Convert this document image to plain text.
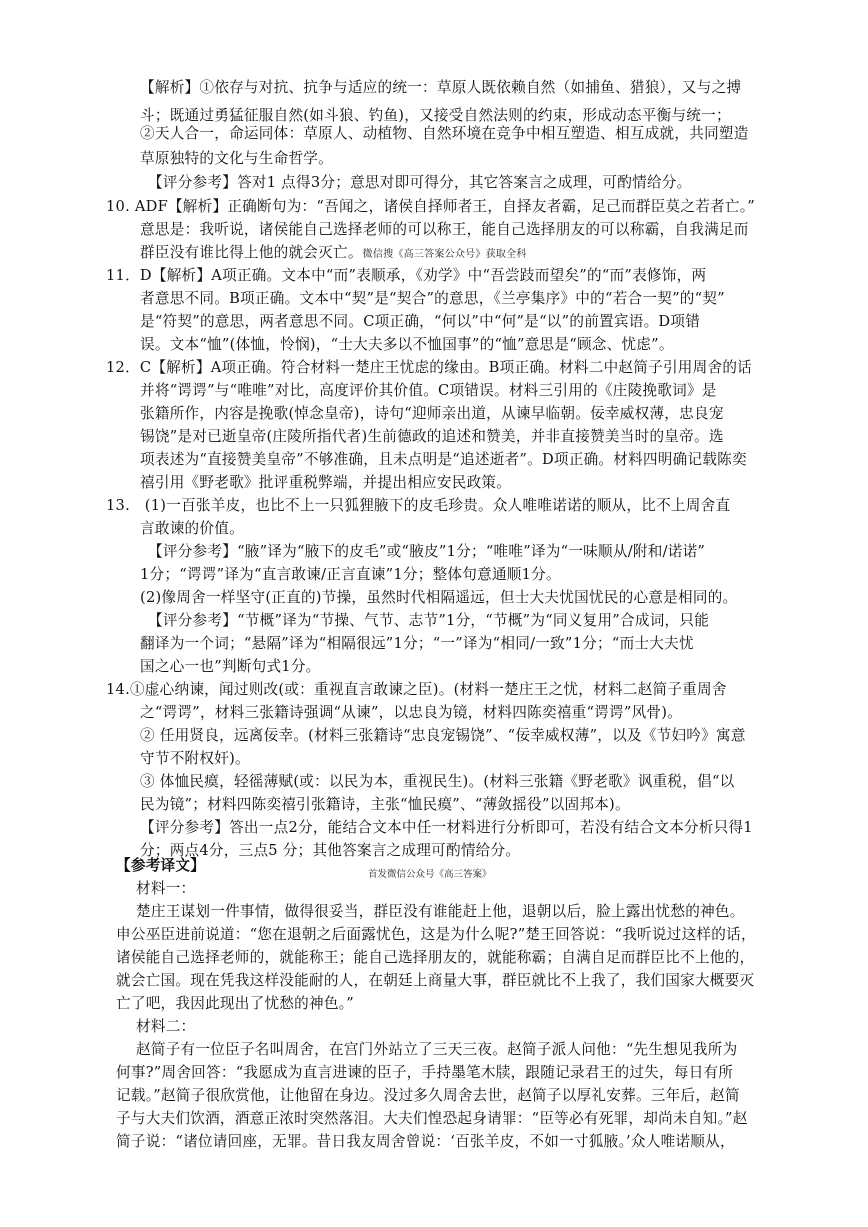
【解析】①依存与对抗、抗争与适应的统一：草原人既依赖自然（如捕鱼、猎狼），又与之搏
斗；既通过勇猛征服自然(如斗狼、钓鱼)，又接受自然法则的约束，形成动态平衡与统一；
②天人合一，命运同体：草原人、动植物、自然环境在竞争中相互塑造、相互成就，共同塑造
草原独特的文化与生命哲学。
【评分参考】答对1 点得3分；意思对即可得分，其它答案言之成理，可酌情给分。
10. ADF【解析】正确断句为：“吾闻之，诸侯自择师者王，自择友者霸，足己而群臣莫之若者亡。”
意思是：我听说，诸侯能自己选择老师的可以称王，能自己选择朋友的可以称霸，自我满足而
群臣没有谁比得上他的就会灭亡。微信搜《高三答案公众号》获取全科
11．D【解析】A项正确。文本中“而”表顺承，《劝学》中“吾尝跂而望矣”的“而”表修饰，两
者意思不同。B项正确。文本中“契”是“契合”的意思，《兰亭集序》中的“若合一契”的“契”
是“符契”的意思，两者意思不同。C项正确，“何以”中“何”是“以”的前置宾语。D项错
误。文本“恤”(体恤，怜悯)，“士大夫多以不恤国事”的“恤”意思是“顾念、忧虑”。
12．C【解析】A项正确。符合材料一楚庄王忧虑的缘由。B项正确。材料二中赵简子引用周舍的话
并将“谔谔”与“唯唯”对比，高度评价其价值。C项错误。材料三引用的《庄陵挽歌词》是
张籍所作，内容是挽歌(悼念皇帝)，诗句“迎师亲出道，从谏早临朝。佞幸威权薄，忠良宠
锡饶”是对已逝皇帝(庄陵所指代者)生前德政的追述和赞美，并非直接赞美当时的皇帝。选
项表述为“直接赞美皇帝”不够准确，且未点明是“追述逝者”。D项正确。材料四明确记载陈奕
禧引用《野老歌》批评重税弊端，并提出相应安民政策。
13.　(1)一百张羊皮，也比不上一只狐狸腋下的皮毛珍贵。众人唯唯诺诺的顺从，比不上周舍直
言敢谏的价值。
【评分参考】“腋”译为“腋下的皮毛”或“腋皮”1分；“唯唯”译为“一味顺从/附和/诺诺”
1分；“谔谔”译为“直言敢谏/正言直谏”1分；整体句意通顺1分。
(2)像周舍一样坚守(正直的)节操，虽然时代相隔遥远，但士大夫忧国忧民的心意是相同的。
【评分参考】“节概”译为“节操、气节、志节”1分，“节概”为“同义复用”合成词，只能
翻译为一个词；“悬隔”译为“相隔很远”1分；“一”译为“相同/一致”1分；“而士大夫忧
国之心一也”判断句式1分。
14.①虚心纳谏，闻过则改(或：重视直言敢谏之臣)。(材料一楚庄王之忧，材料二赵简子重周舍
之“谔谔”，材料三张籍诗强调“从谏”，以忠良为镜，材料四陈奕禧重“谔谔”风骨)。
② 任用贤良，远离佞幸。(材料三张籍诗“忠良宠锡饶”、“佞幸威权薄”，以及《节妇吟》寓意
守节不附权奸)。
③ 体恤民瘼，轻徭薄赋(或：以民为本，重视民生)。(材料三张籍《野老歌》讽重税，倡“以
民为镜”；材料四陈奕禧引张籍诗，主张“恤民瘼”、“薄敛摇役”以固邦本)。
【评分参考】答出一点2分，能结合文本中任一材料进行分析即可，若没有结合文本分析只得1
分；两点4分，三点5 分；其他答案言之成理可酌情给分。
【参考译文】
首发微信公众号《高三答案》
材料一：
楚庄王谋划一件事情，做得很妥当，群臣没有谁能赶上他，退朝以后，脸上露出忧愁的神色。
申公巫臣进前说道：“您在退朝之后面露忧色，这是为什么呢?”楚王回答说：“我听说过这样的话，
诸侯能自己选择老师的，就能称王；能自己选择朋友的，就能称霸；自满自足而群臣比不上他的，
就会亡国。现在凭我这样没能耐的人，在朝廷上商量大事，群臣就比不上我了，我们国家大概要灭
亡了吧，我因此现出了忧愁的神色。”
材料二：
赵简子有一位臣子名叫周舍，在宫门外站立了三天三夜。赵简子派人问他：“先生想见我所为
何事?”周舍回答：“我愿成为直言进谏的臣子，手持墨笔木牍，跟随记录君王的过失，每日有所
记载。”赵简子很欣赏他，让他留在身边。没过多久周舍去世，赵简子以厚礼安葬。三年后，赵简
子与大夫们饮酒，酒意正浓时突然落泪。大夫们惶恐起身请罪：“臣等必有死罪，却尚未自知。”赵
简子说：“诸位请回座，无罪。昔日我友周舍曾说：‘百张羊皮，不如一寸狐腋。’众人唯诺顺从，
